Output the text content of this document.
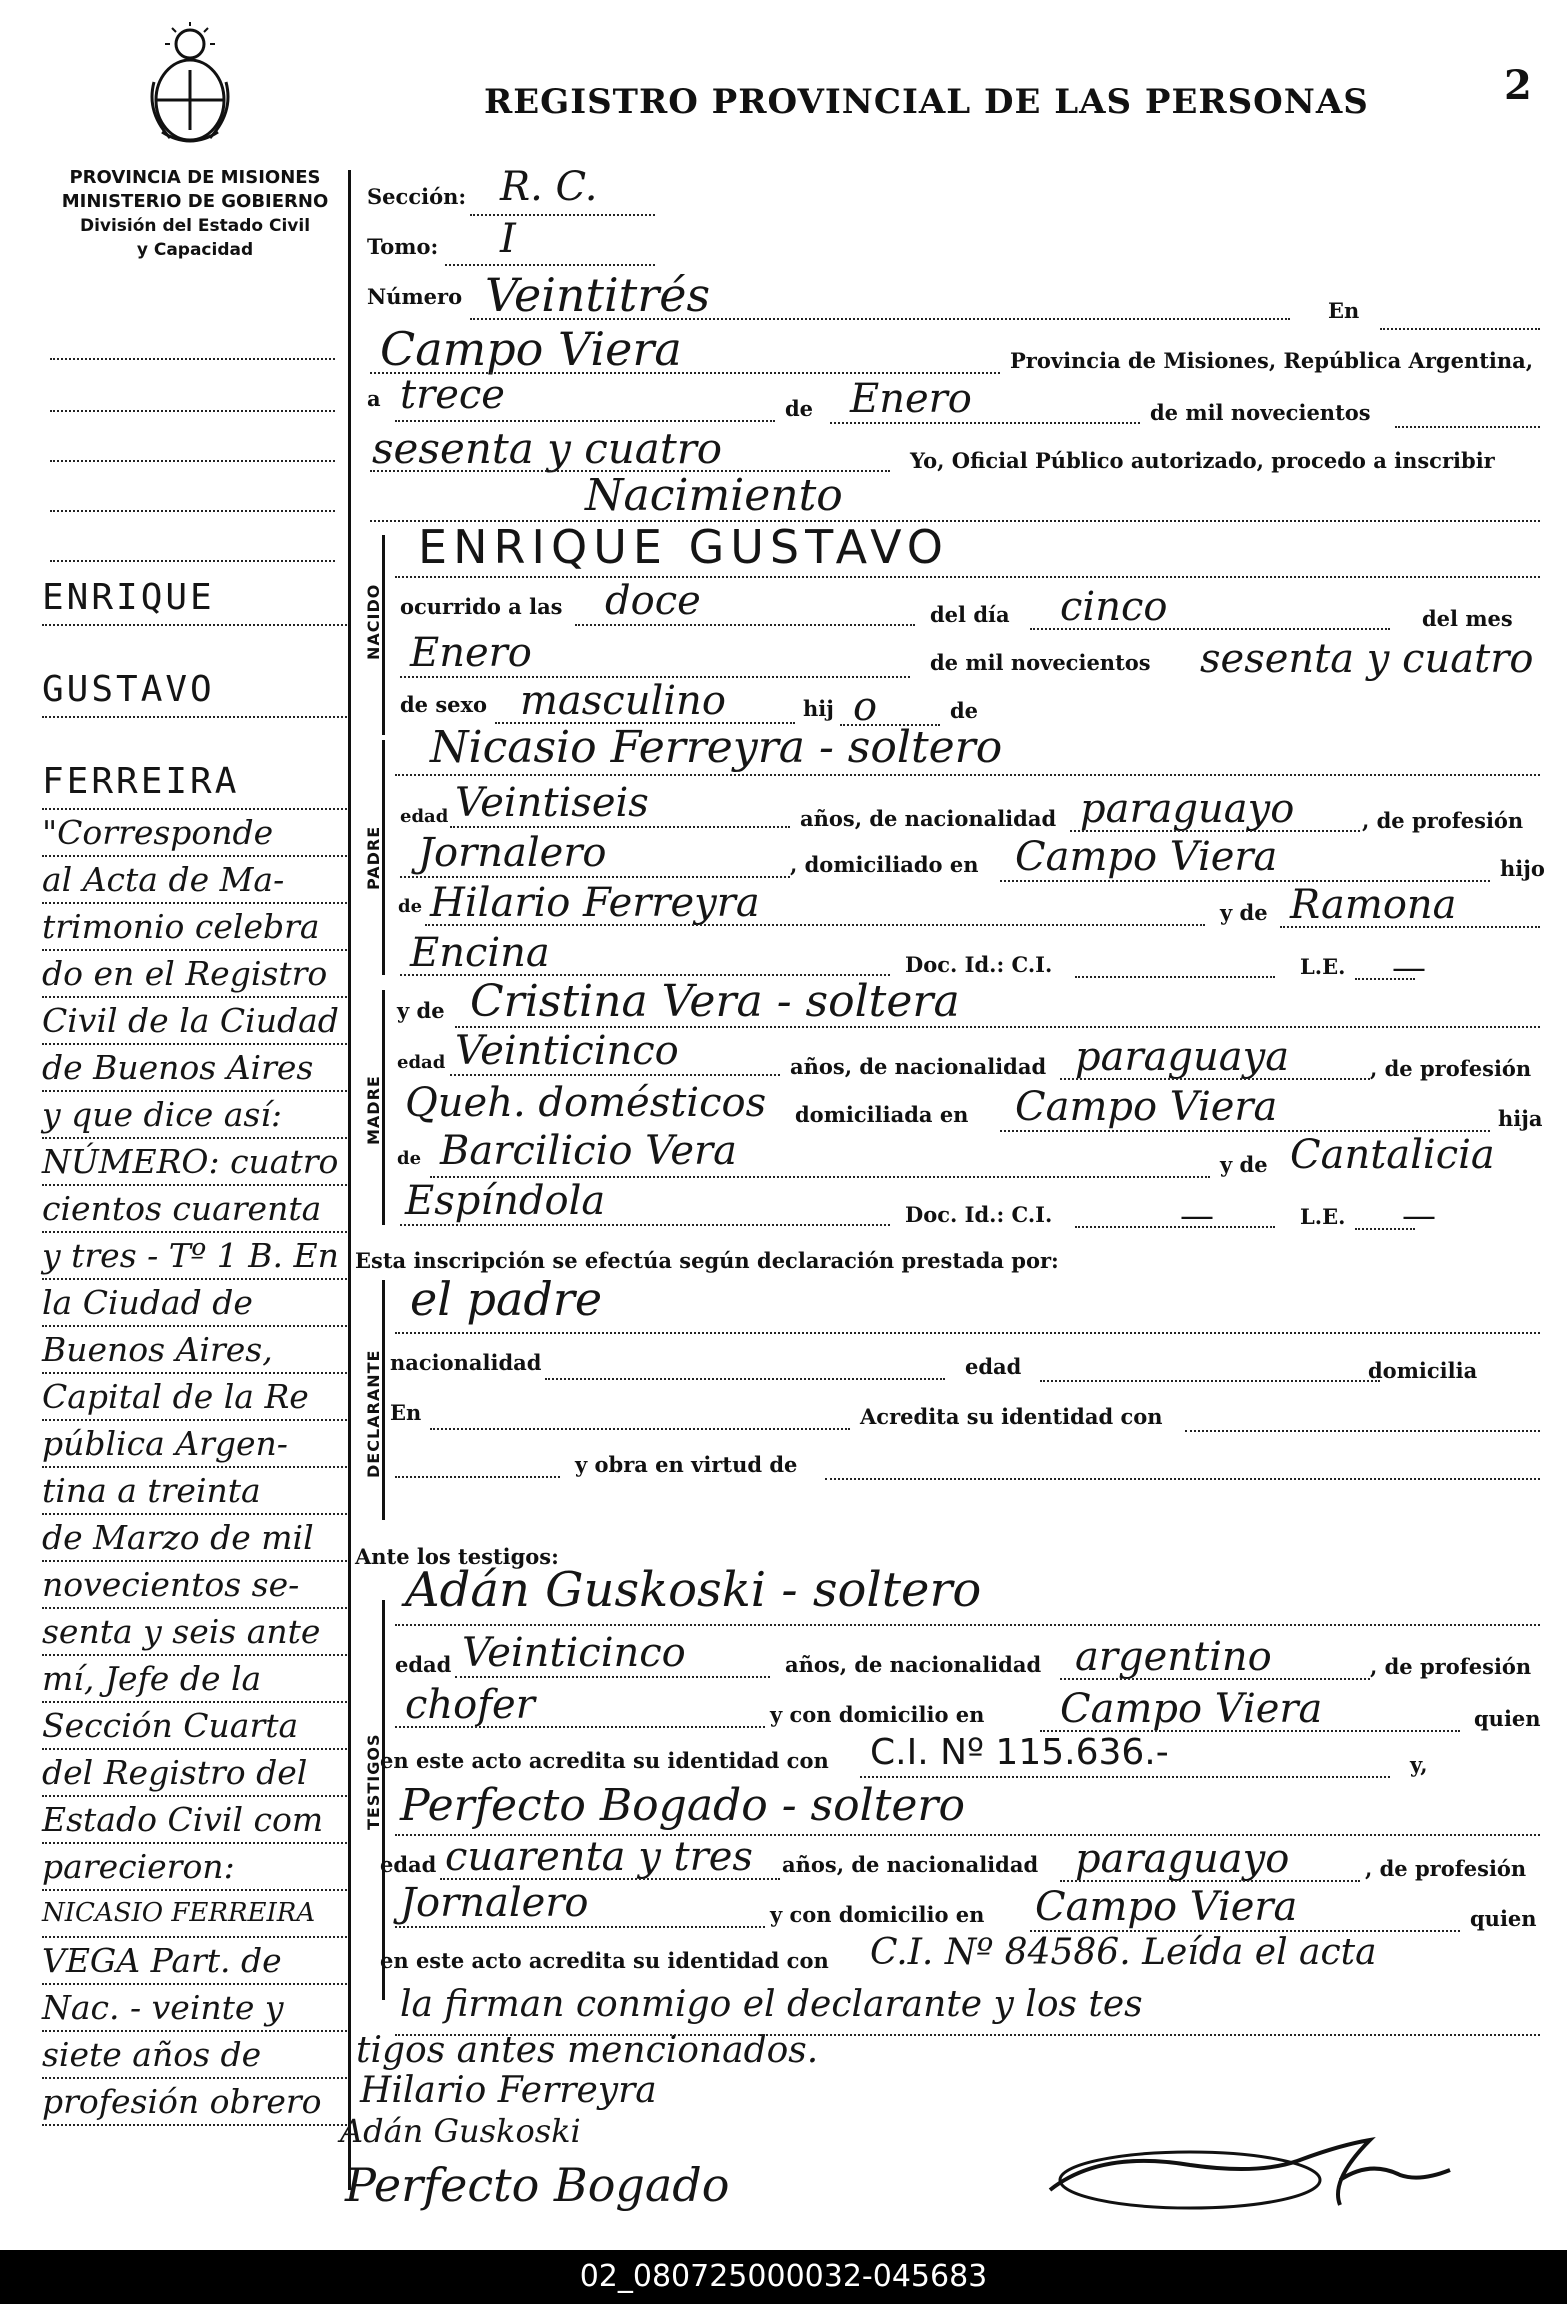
PROVINCIA DE MISIONES
MINISTERIO DE GOBIERNO
División del Estado Civil
y Capacidad
REGISTRO PROVINCIAL DE LAS PERSONAS	2
ENRIQUE
GUSTAVO
FERREIRA
"Corresponde
al Acta de Ma-
trimonio celebra
do en el Registro
Civil de la Ciudad
de Buenos Aires
y que dice así:
NÚMERO: cuatro
cientos cuarenta
y tres - Tº 1 B. En
la Ciudad de
Buenos Aires,
Capital de la Re
pública Argen-
tina a treinta
de Marzo de mil
novecientos se-
senta y seis ante
mí, Jefe de la
Sección Cuarta
del Registro del
Estado Civil com
parecieron:
NICASIO FERREIRA
VEGA Part. de
Nac. - veinte y
siete años de
profesión obrero
Sección: R. C.
Tomo: I
Número Veintitrés	En
Campo Viera	Provincia de Misiones, República Argentina,
a trece	de Enero	de mil novecientos
sesenta y cuatro	Yo, Oficial Público autorizado, procedo a inscribir
Nacimiento
NACIDO
ENRIQUE GUSTAVO
ocurrido a las doce	del día cinco	del mes
Enero	de mil novecientos sesenta y cuatro
de sexo masculino	hij o	de
PADRE
Nicasio Ferreyra - soltero
edad Veintiseis	años, de nacionalidad paraguayo	, de profesión
Jornalero	, domiciliado en Campo Viera	hijo
de Hilario Ferreyra	y de Ramona
Encina	Doc. Id.: C.I.	L.E. —
MADRE
y de Cristina Vera - soltera
edad Veinticinco	años, de nacionalidad paraguaya	, de profesión
Queh. domésticos domiciliada en Campo Viera	hija
de Barcilicio Vera	y de Cantalicia
Espíndola	Doc. Id.: C.I.	—	L.E. —
Esta inscripción se efectúa según declaración prestada por:
DECLARANTE
el padre
nacionalidad	edad	domicilia
En	Acredita su identidad con
y obra en virtud de
Ante los testigos:
TESTIGOS
Adán Guskoski - soltero
edad Veinticinco	años, de nacionalidad argentino	, de profesión
chofer	y con domicilio en Campo Viera	quien
en este acto acredita su identidad con C.I. Nº 115.636.-	y,
Perfecto Bogado - soltero
edad cuarenta y tres años, de nacionalidad paraguayo	, de profesión
Jornalero	y con domicilio en Campo Viera	quien
en este acto acredita su identidad con C.I. Nº 84586. Leída el acta
la firman conmigo el declarante y los tes
tigos antes mencionados.
Hilario Ferreyra
Adán Guskoski
Perfecto Bogado
02_080725000032-045683
